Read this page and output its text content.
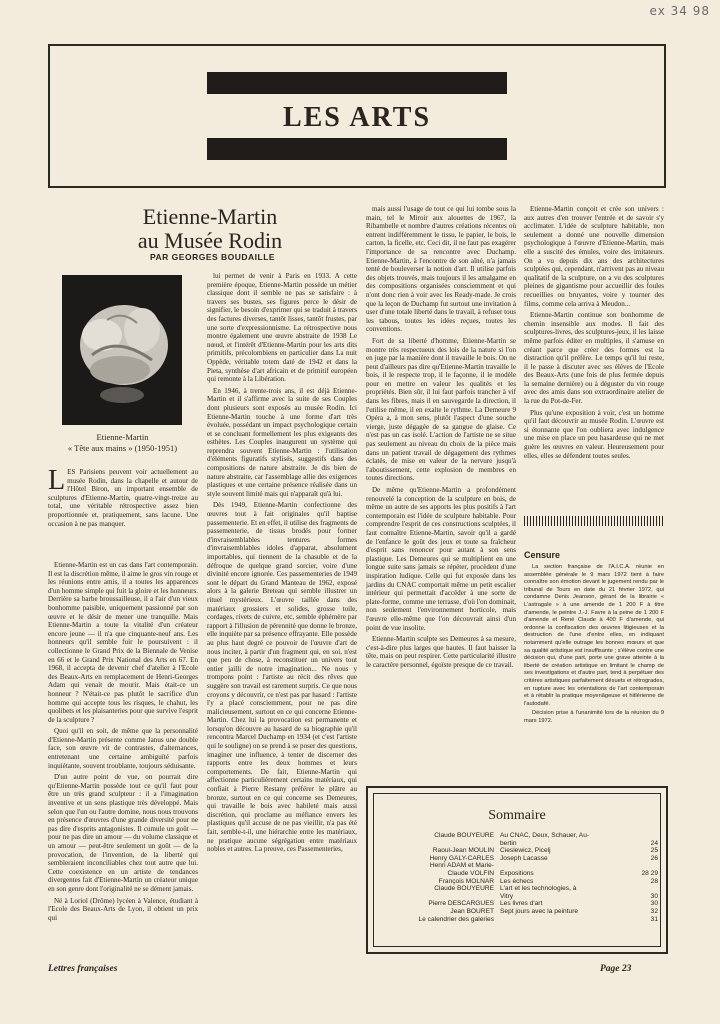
ex 34 98
LES ARTS
Etienne-Martin
au Musée Rodin
PAR GEORGES BOUDAILLE
Etienne-Martin
« Tête aux mains » (1950-1951)

LES Parisiens peuvent voir actuellement au musée Rodin, dans la chapelle et autour de l'Hôtel Biron, un important ensemble de sculptures d'Etienne-Martin, quatre-vingt-treize au total, une véritable rétrospective assez bien proportionnée et, pratiquement, sans lacune. Une occasion à ne pas manquer.

Etienne-Martin est un cas dans l'art contemporain. Il est la discrétion même, il aime le gros vin rouge et les réunions entre amis, il a toutes les apparences d'un homme simple qui fuit la gloire et les honneurs. Derrière sa barbe broussailleuse, il a l'air d'un vieux bonhomme paisible, uniquement passionné par son œuvre et le désir de mener une tranquille. Mais Etienne-Martin a toute la vitalité d'un créateur encore jeune — il n'a que cinquante-neuf ans. Les honneurs qu'il semble fuir le poursuivent : il collectionne le Grand Prix de la Biennale de Venise en 66 et le Grand Prix National des Arts en 67. En 1968, il accepta de devenir chef d'atelier à l'Ecole des Beaux-Arts en remplacement de Henri-Georges Adam qui venait de mourir. Mais était-ce un honneur ? N'était-ce pas plutôt le sacrifice d'un homme qui accepte tous les risques, le chahut, les quolibets et les plaisanteries pour que survive l'esprit de la sculpture ?

Quoi qu'il en soit, de même que la personnalité d'Etienne-Martin présente comme Janus une double face, son œuvre vit de contrastes, d'alternances, entretenant une certaine ambiguïté parfois inquiétante, souvent troublante, toujours séduisante.

D'un autre point de vue, on pourrait dire qu'Etienne-Martin possède tout ce qu'il faut pour être un très grand sculpteur : il a l'imagination inventive et un sens plastique très développé. Mais selon que l'un ou l'autre domine, nous nous trouvons en présence d'œuvres d'une grande diversité pour ne pas dire d'esprits antagonistes. Il cumule un goût — pour ne pas dire un amour — du volume classique et un amour — peut-être seulement un goût — de la provocation, de l'invention, de la liberté qui sembleraient inconciliables chez tout autre que lui. Cette coexistence en un artiste de tendances divergentes fait d'Etienne-Martin un créateur unique en son genre dont l'originalité ne se dément jamais.

Né à Loriol (Drôme) lycéen à Valence, étudiant à l'Ecole des Beaux-Arts de Lyon, il obtient un prix qui

lui permet de venir à Paris en 1933. A cette première époque, Etienne-Martin possède un métier classique dont il semble ne pas se satisfaire : à travers ses bustes, ses figures perce le désir de signifier, le besoin d'exprimer qui se traduit à travers des factures diverses, tantôt lisses, tantôt frustes, par une sorte d'expressionnisme. La rétrospective nous montre également une œuvre abstraite de 1938 Le nœud, et l'intérêt d'Etienne-Martin pour les arts dits primitifs, précolombiens en particulier dans La nuit Oppède, véritable totem daté de 1942 et dans la Pieta, synthèse d'art africain et de primitif européen qui remonte à la Libération.

En 1946, à trente-trois ans, il est déjà Etienne-Martin et il s'affirme avec la suite de ses Couples dont plusieurs sont exposés au musée Rodin. Ici Etienne-Martin touche à une forme d'art très évoluée, possédant un impact psychologique certain et se concluant formellement les plus exigeants des esthètes. Les Couples inaugurent un système qui reprendra souvent Etienne-Martin : l'utilisation d'éléments figuratifs stylisés, suggestifs dans des compositions de nature abstraite. Je dis bien de nature abstraite, car l'assemblage allie des exigences plastiques et une certaine présence réalisée dans un style souvent limité mais qui n'apparaît qu'à lui.

Dès 1949, Etienne-Martin confectionne des œuvres tout à fait originales qu'il baptise passementerie. Et en effet, il utilise des fragments de passementerie, de tissus brodés pour former d'invraisemblables tentures formes d'invraisemblables idoles d'apparat, absolument importables, qui tiennent de la chasuble et de la défroque de quelque grand sorcier, voire d'une divinité encore ignorée. Ces passementeries de 1949 sont le départ du Grand Manteau de 1962, exposé alors à la galerie Breteau qui semble illustrer un rituel mystérieux. L'œuvre taillée dans des matériaux grossiers et solides, grosse toile, cordages, rivets de cuivre, etc, semble éphémère par rapport à l'illusion de pérennité que donne le bronze, elle inquiète par sa présence effrayante. Elle possède au plus haut degré ce pouvoir de l'œuvre d'art de nous inciter, à partir d'un fragment qui, en soi, n'est que peu de chose, à reconstituer un univers tout entier jailli de notre imagination... Ne nous y trompons point : l'artiste au récit des rêves que suggère son travail est rarement surpris. Ce que nous croyons y découvrir, ce n'est pas par hasard : l'artiste l'y a placé consciemment, pour ne pas dire malicieusement, surtout en ce qui concerne Etienne-Martin. Chez lui la provocation est permanente et lorsqu'on découvre au hasard de sa biographie qu'il rencontra Marcel Duchamp en 1934 (et c'est l'artiste qui le souligne) on se prend à se poser des questions, imaginer une influence, à tenter de discerner des rapports entre les deux hommes et leurs comportements. De fait, Etienne-Martin qui affectionne particulièrement certains matériaux, qui confiait à Pierre Restany préférer le plâtre au bronze, surtout en ce qui concerne ses Demeures, qui travaille le bois avec habileté mais aussi discrétion, qui proclame au méfiance envers les plastiques qu'il accuse de ne pas vieillir, n'a pas été fait, semble-t-il, une hiérarchie entre les matériaux, ne pratique aucune ségrégation entre matériaux nobles et autres. La preuve, ces Passementeries,

mais aussi l'usage de tout ce qui lui tombe sous la main, tel le Miroir aux alouettes de 1967, la Ribambelle et nombre d'autres créations récentes où entrent indifféremment le tissu, le papier, le bois, le carton, la ficelle, etc. Ceci dit, il ne faut pas exagérer l'importance de sa rencontre avec Duchamp. Etienne-Martin, à l'encontre de son aîné, n'a jamais tenté de bouleverser la notion d'art. Il utilise parfois des objets trouvés, mais toujours il les amalgame en des compositions organisées consciemment et qui n'ont donc rien à voir avec les Ready-made. Je crois que la leçon de Duchamp fut surtout une invitation à user d'une totale liberté dans le travail, à refuser tous les tabous, toutes les idées reçues, toutes les conventions.

Fort de sa liberté d'homme, Etienne-Martin se montre très respectueux des lois de la nature si l'on en juge par la manière dont il travaille le bois. On ne peut d'ailleurs pas dire qu'Etienne-Martin travaille le bois, il le respecte trop, il le façonne, il le modèle pour en mettre en valeur les qualités et les propriétés. Bien sûr, il lui faut parfois trancher à vif dans les fibres, mais il en sauvegarde la direction, il l'utilise même, il en exalte le rythme. La Demeure 9 Opéra a, à mon sens, plutôt l'aspect d'une souche vierge, juste dégagée de sa gangue de glaise. Ce n'est pas un cas isolé. L'action de l'artiste ne se situe pas seulement au niveau du choix de la pièce mais dans un patient travail de dégagement des rythmes éclatés, de mise en valeur de la nervure jusqu'à l'aboutissement, cette explosion de membres en toutes directions.

De même qu'Etienne-Martin a profondément renouvelé la conception de la sculpture en bois, de même un autre de ses apports les plus positifs à l'art contemporain est l'idée de sculpture habitable. Pour comprendre l'esprit de ces constructions sculptées, il faut connaître Etienne-Martin, savoir qu'il a gardé de l'enfance le goût des jeux et toute sa fraîcheur d'esprit sans renoncer pour autant à son sens plastique. Les Demeures qui se multiplient en une longue suite sans jamais se répéter, procèdent d'une inspiration ludique. Celle qui fut exposée dans les jardins du CNAC comportait même un petit escalier intérieur qui permettait d'accéder à une sorte de plate-forme, comme une terrasse, d'où l'on dominait, non seulement l'environnement horticole, mais l'œuvre elle-même que l'on découvrait ainsi d'un point de vue insolite.

Etienne-Martin sculpte ses Demeures à sa mesure, c'est-à-dire plus larges que hautes. Il faut baisser la tête, mais on peut respirer. Cette particularité illustre le caractère personnel, égoïste presque de ce travail.

Etienne-Martin conçoit et crée son univers : aux autres d'en trouver l'entrée et de savoir s'y acclimater. L'idée de sculpture habitable, non seulement a donné une nouvelle dimension psychologique à l'œuvre d'Etienne-Martin, mais elle a suscité des émules, voire des imitateurs. On a vu depuis dix ans des architectures sculptées qui, cependant, n'arrivent pas au niveau qualitatif de la sculpture, on a vu des sculptures pleines de gigantisme pour accueillir des foules recueillies ou bruyantes, voire y tourner des films, comme cela arriva à Meudon...

Etienne-Martin continue son bonhomme de chemin insensible aux modes. Il fait des sculptures-livres, des sculptures-jeux, il les laisse même parfois éditer en multiples, il s'amuse en créant parce que créer des formes est la distraction qu'il préfère. Le temps qu'il lui reste, il le passe à discuter avec ses élèves de l'Ecole des Beaux-Arts (une fois de plus fermée depuis la semaine dernière) ou à déguster du vin rouge avec des amis dans son extraordinaire atelier de la rue du Pot-de-Fer.

Plus qu'une exposition à voir, c'est un homme qu'il faut découvrir au musée Rodin. L'œuvre est si étonnante que l'on oubliera avec indulgence une mise en place un peu hasardeuse qui ne met guère les œuvres en valeur. Heureusement pour elles, elles se défendent toutes seules.

Censure

La section française de l'A.I.C.A. réunie en assemblée générale le 9 mars 1972 tient à faire connaître son émotion devant le jugement rendu par le tribunal de Tours en date du 21 février 1972, qui condamne Denis Jeanson, gérant de la librairie « L'astragale » à une amende de 1 200 F à titre d'amende, le peintre J.-J. Favre à la peine de 1 200 F d'amende et René Claude à 400 F d'amende, qui ordonne la confiscation des œuvres litigieuses et la destruction de l'une d'entre elles, en indiquant notamment qu'elle outrage les bonnes mœurs et que sa qualité artistique est insuffisante ; s'élève contre une décision qui, d'une part, porte une grave atteinte à la liberté de création artistique en limitant le champ de ses investigations et d'autre part, tend à perpétuer des critères artistiques parfaitement désuets et rétrogrades, en rupture avec les orientations de l'art contemporain et à rétablir la pratique moyenâgeuse et hitlérienne de l'autodafé.

Décision prise à l'unanimité lors de la réunion du 9 mars 1972.

Sommaire
Claude BOUYEURE Au CNAC, Deux, Schauer, Au-
bertin	24
Raoul-Jean MOULIN Cieslewicz, Picelj	25
Henry GALY-CARLES Joseph Lacasse	26
Henri ADAM et Marie-
Claude VOLFIN Expositions	28 29
François MOLNAR Les échecs	28
Claude BOUYEURE L'art et les technologies, à
Vitry	30
Pierre DESCARGUES Les livres d'art	30
Jean BOURET Sept jours avec la peinture	32
Le calendrier des galeries	31
Lettres françaises	Page 23
